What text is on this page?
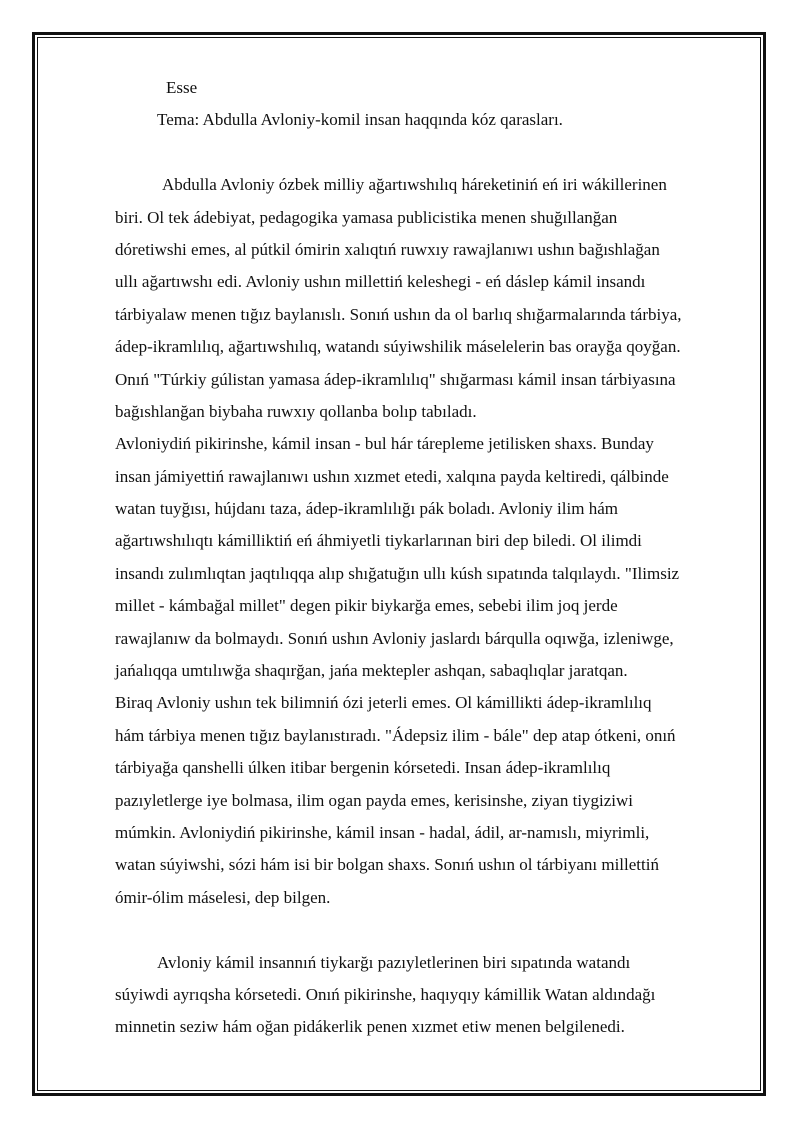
Esse
Tema: Abdulla Avloniy-komil insan haqqında kóz qarasları.
Abdulla Avloniy ózbek milliy ağartıwshılıq háreketiniń eń iri wákillerinen
biri. Ol tek ádebiyat, pedagogika yamasa publicistika menen shuğıllanğan
dóretiwshi emes, al pútkil ómirin xalıqtıń ruwxıy rawajlanıwı ushın bağıshlağan
ullı ağartıwshı edi. Avloniy ushın millettiń keleshegi - eń dáslep kámil insandı
tárbiyalaw menen tığız baylanıslı. Sonıń ushın da ol barlıq shığarmalarında tárbiya,
ádep-ikramlılıq, ağartıwshılıq, watandı súyiwshilik máselelerin bas orayğa qoyğan.
Onıń "Túrkiy gúlistan yamasa ádep-ikramlılıq" shığarması kámil insan tárbiyasına
bağıshlanğan biybaha ruwxıy qollanba bolıp tabıladı.
Avloniydiń pikirinshe, kámil insan - bul hár tárepleme jetilisken shaxs. Bunday
insan jámiyettiń rawajlanıwı ushın xızmet etedi, xalqına payda keltiredi, qálbinde
watan tuyğısı, hújdanı taza, ádep-ikramlılığı pák boladı. Avloniy ilim hám
ağartıwshılıqtı kámilliktiń eń áhmiyetli tiykarlarınan biri dep biledi. Ol ilimdi
insandı zulımlıqtan jaqtılıqqa alıp shığatuğın ullı kúsh sıpatında talqılaydı. "Ilimsiz
millet - kámbağal millet" degen pikir biykarğa emes, sebebi ilim joq jerde
rawajlanıw da bolmaydı. Sonıń ushın Avloniy jaslardı bárqulla oqıwğa, izleniwge,
jańalıqqa umtılıwğa shaqırğan, jańa mektepler ashqan, sabaqlıqlar jaratqan.
Biraq Avloniy ushın tek bilimniń ózi jeterli emes. Ol kámillikti ádep-ikramlılıq
hám tárbiya menen tığız baylanıstıradı. "Ádepsiz ilim - bále" dep atap ótkeni, onıń
tárbiyağa qanshelli úlken itibar bergenin kórsetedi. Insan ádep-ikramlılıq
pazıyletlerge iye bolmasa, ilim ogan payda emes, kerisinshe, ziyan tiygiziwi
múmkin. Avloniydiń pikirinshe, kámil insan - hadal, ádil, ar-namıslı, miyrimli,
watan súyiwshi, sózi hám isi bir bolgan shaxs. Sonıń ushın ol tárbiyanı millettiń
ómir-ólim máselesi, dep bilgen.
Avloniy kámil insannıń tiykarğı pazıyletlerinen biri sıpatında watandı
súyiwdi ayrıqsha kórsetedi. Onıń pikirinshe, haqıyqıy kámillik Watan aldındağı
minnetin seziw hám oğan pidákerlik penen xızmet etiw menen belgilenedi.
